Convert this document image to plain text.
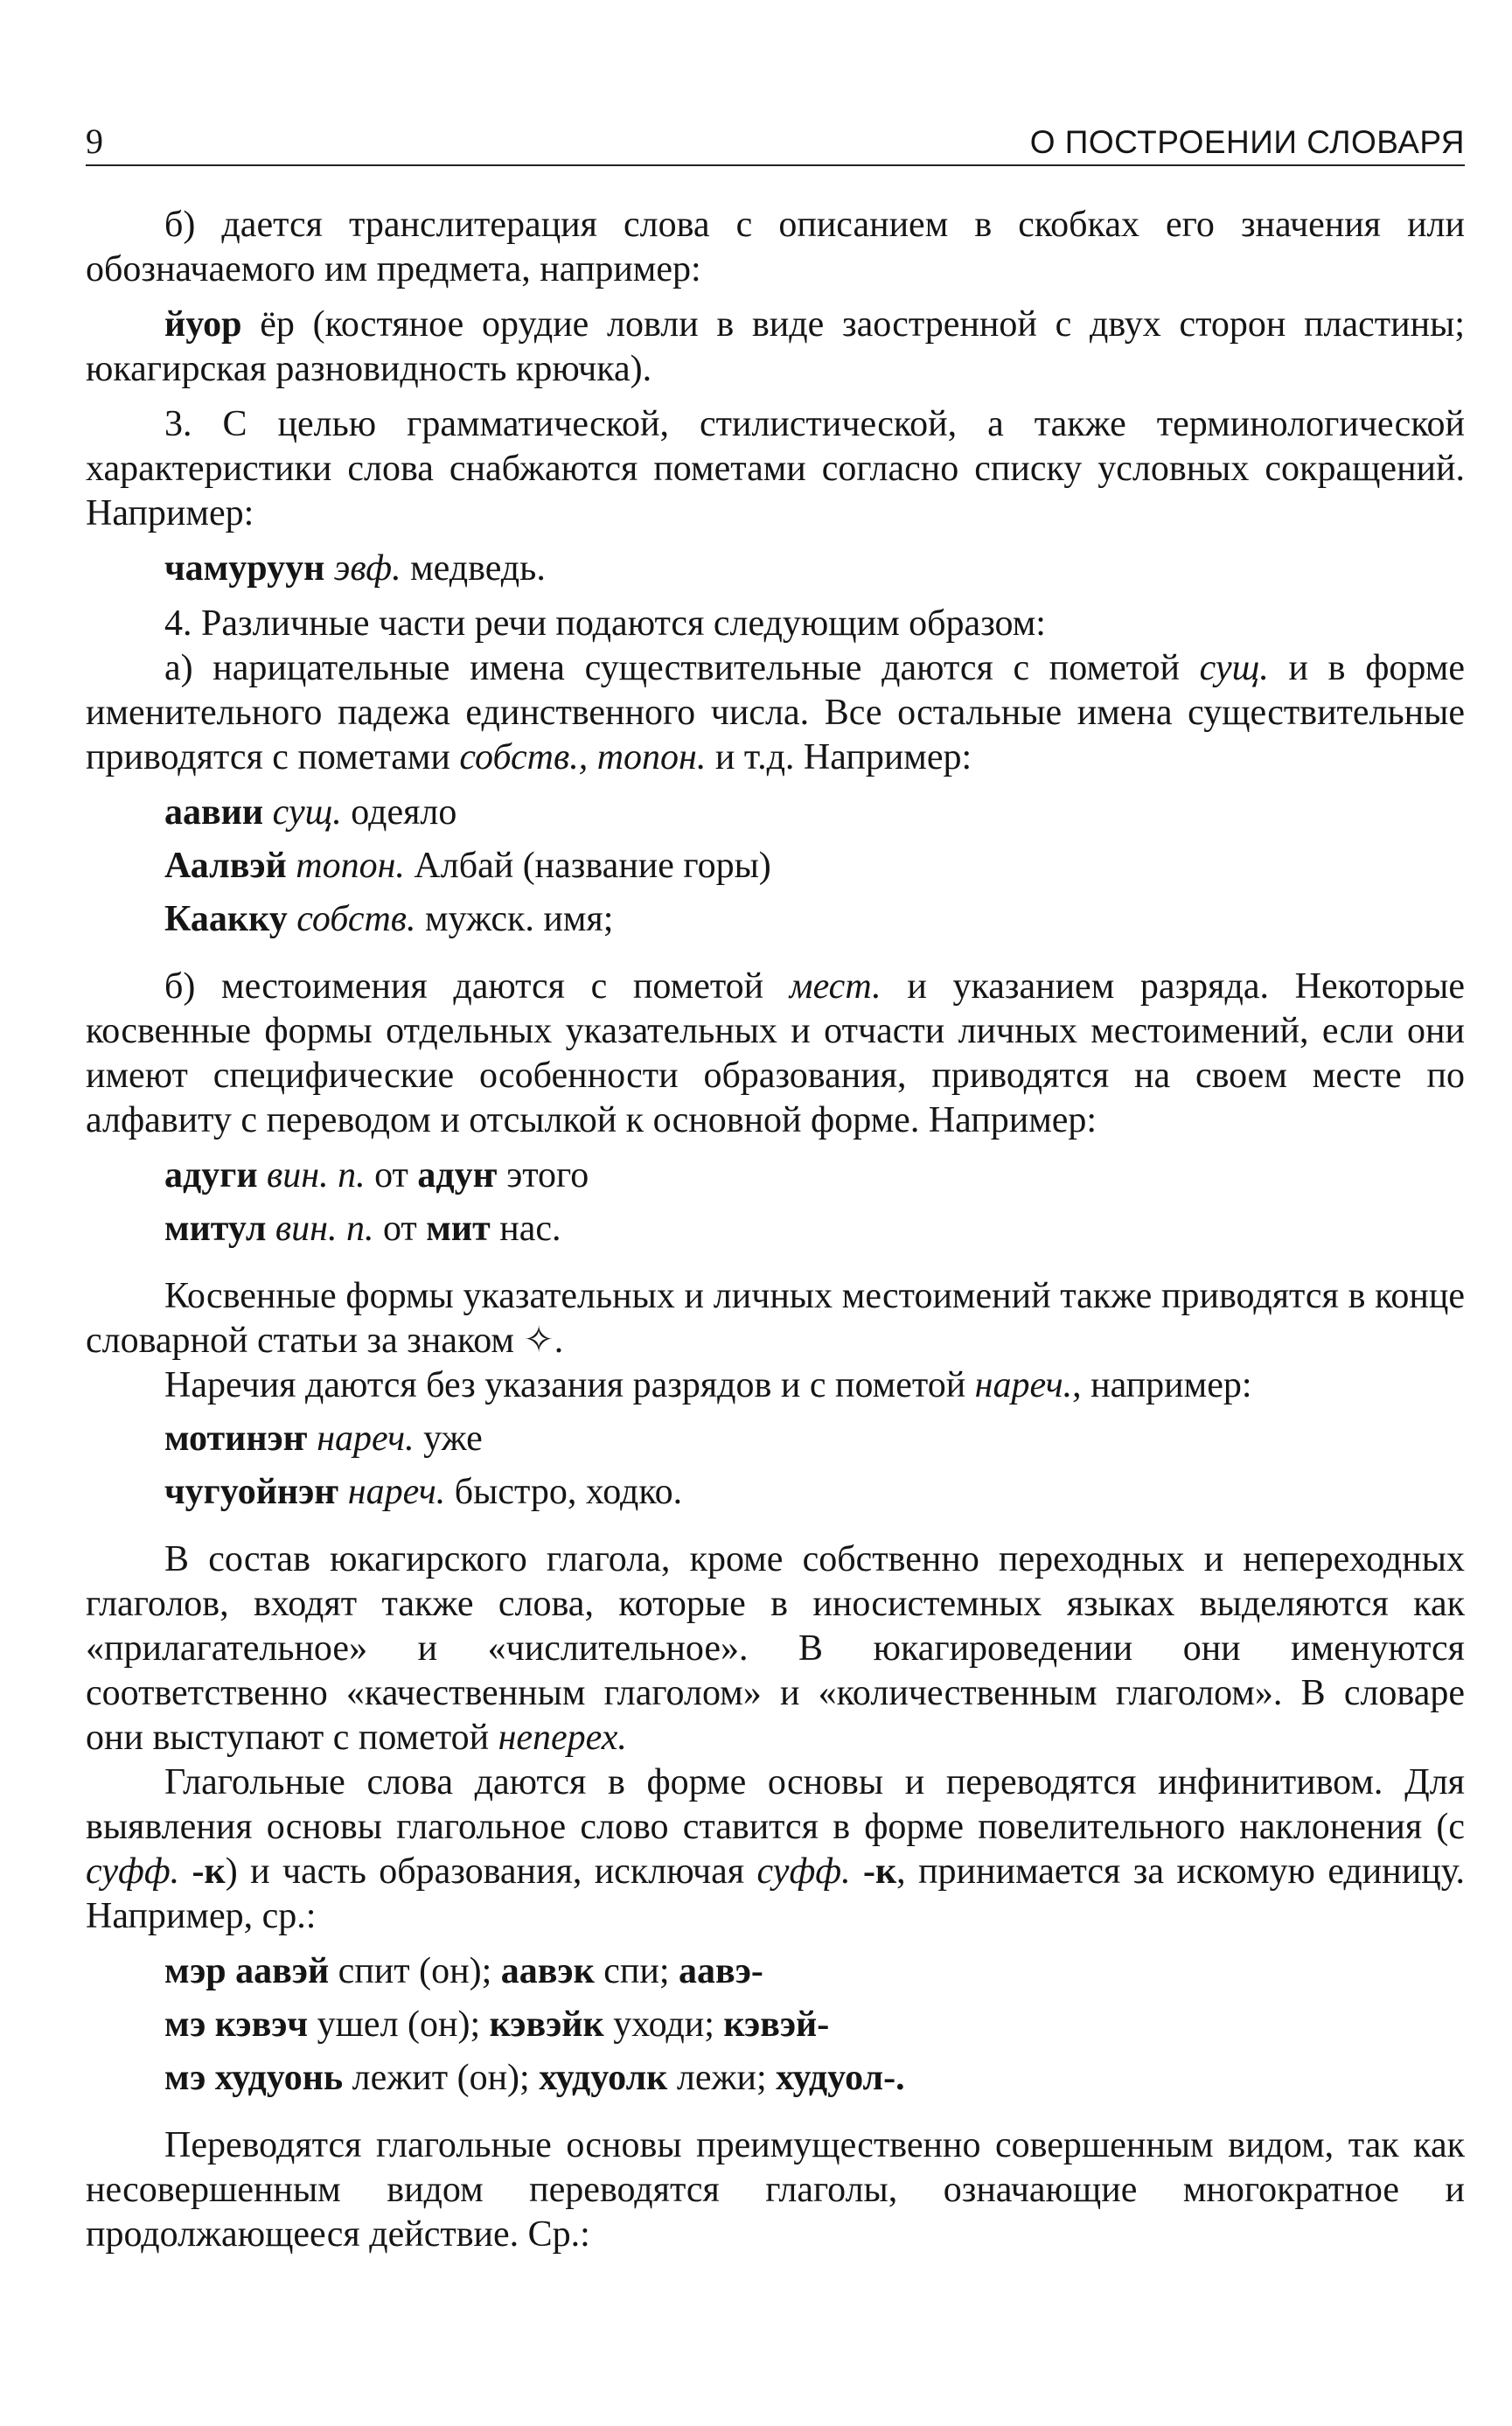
9	О ПОСТРОЕНИИ СЛОВАРЯ

б) дается транслитерация слова с описанием в скобках его значения или обозначаемого им предмета, например:

йуор ёр (костяное орудие ловли в виде заостренной с двух сторон пластины; юкагирская разновидность крючка).

3. С целью грамматической, стилистической, а также терминологической характеристики слова снабжаются пометами согласно списку условных сокращений. Например:

чамуруун эвф. медведь.

4. Различные части речи подаются следующим образом:

а) нарицательные имена существительные даются с пометой сущ. и в форме именительного падежа единственного числа. Все остальные имена существительные приводятся с пометами собств., топон. и т.д. Например:

аавии сущ. одеяло

Аалвэй топон. Албай (название горы)

Каакку собств. мужск. имя;

б) местоимения даются с пометой мест. и указанием разряда. Некоторые косвенные формы отдельных указательных и отчасти личных местоимений, если они имеют специфические особенности образования, приводятся на своем месте по алфавиту с переводом и отсылкой к основной форме. Например:

адуги вин. п. от адуҥ этого

митул вин. п. от мит нас.

Косвенные формы указательных и личных местоимений также приводятся в конце словарной статьи за знаком ✧.

Наречия даются без указания разрядов и с пометой нареч., например:

мотинэҥ нареч. уже

чугуойнэҥ нареч. быстро, ходко.

В состав юкагирского глагола, кроме собственно переходных и непереходных глаголов, входят также слова, которые в иносистемных языках выделяются как «прилагательное» и «числительное». В юкагироведении они именуются соответственно «качественным глаголом» и «количественным глаголом». В словаре они выступают с пометой неперех.

Глагольные слова даются в форме основы и переводятся инфинитивом. Для выявления основы глагольное слово ставится в форме повелительного наклонения (с суфф. -к) и часть образования, исключая суфф. -к, принимается за искомую единицу. Например, ср.:

мэр аавэй спит (он); аавэк спи; аавэ-

мэ кэвэч ушел (он); кэвэйк уходи; кэвэй-

мэ худуонь лежит (он); худуолк лежи; худуол-.

Переводятся глагольные основы преимущественно совершенным видом, так как несовершенным видом переводятся глаголы, означающие многократное и продолжающееся действие. Ср.:
